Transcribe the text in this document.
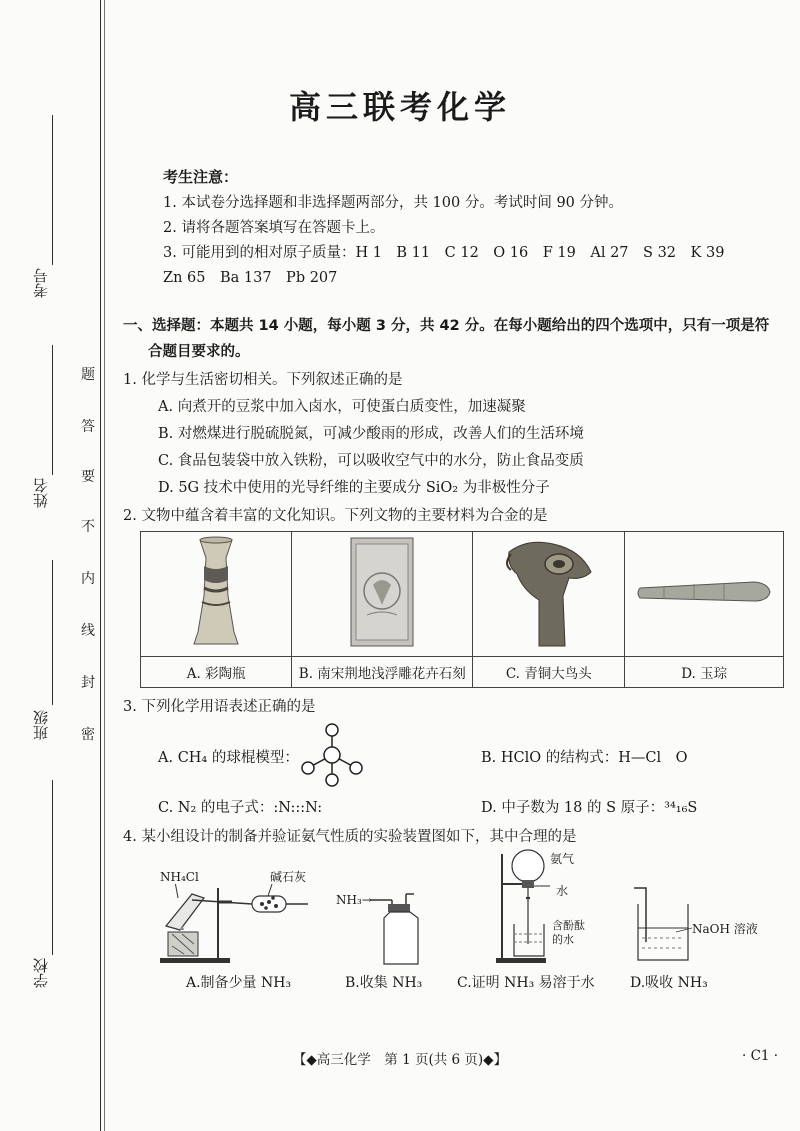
考号
姓名
班级
学校
密
封
线
内
不
要
答
题
高三联考化学
考生注意：
1. 本试卷分选择题和非选择题两部分，共 100 分。考试时间 90 分钟。
2. 请将各题答案填写在答题卡上。
3. 可能用到的相对原子质量：H 1　B 11　C 12　O 16　F 19　Al 27　S 32　K 39
Zn 65　Ba 137　Pb 207
一、选择题：本题共 14 小题，每小题 3 分，共 42 分。在每小题给出的四个选项中，只有一项是符
合题目要求的。
1. 化学与生活密切相关。下列叙述正确的是
A. 向煮开的豆浆中加入卤水，可使蛋白质变性，加速凝聚
B. 对燃煤进行脱硫脱氮，可减少酸雨的形成，改善人们的生活环境
C. 食品包装袋中放入铁粉，可以吸收空气中的水分，防止食品变质
D. 5G 技术中使用的光导纤维的主要成分 SiO₂ 为非极性分子
2. 文物中蕴含着丰富的文化知识。下列文物的主要材料为合金的是

A. 彩陶瓶	B. 南宋荆地浅浮雕花卉石刻	C. 青铜大鸟头	D. 玉琮
3. 下列化学用语表述正确的是
A. CH₄ 的球棍模型：	B. HClO 的结构式：H—Cl　O
C. N₂ 的电子式：:N:::N:	D. 中子数为 18 的 S 原子：³⁴₁₆S
4. 某小组设计的制备并验证氨气性质的实验装置图如下，其中合理的是
NH₄Cl	碱石灰
A.制备少量 NH₃
NH₃→
B.收集 NH₃
氨气
水
含酚酞
的水
C.证明 NH₃ 易溶于水
NaOH 溶液
D.吸收 NH₃
【◆高三化学　第 1 页(共 6 页)◆】	· C1 ·
